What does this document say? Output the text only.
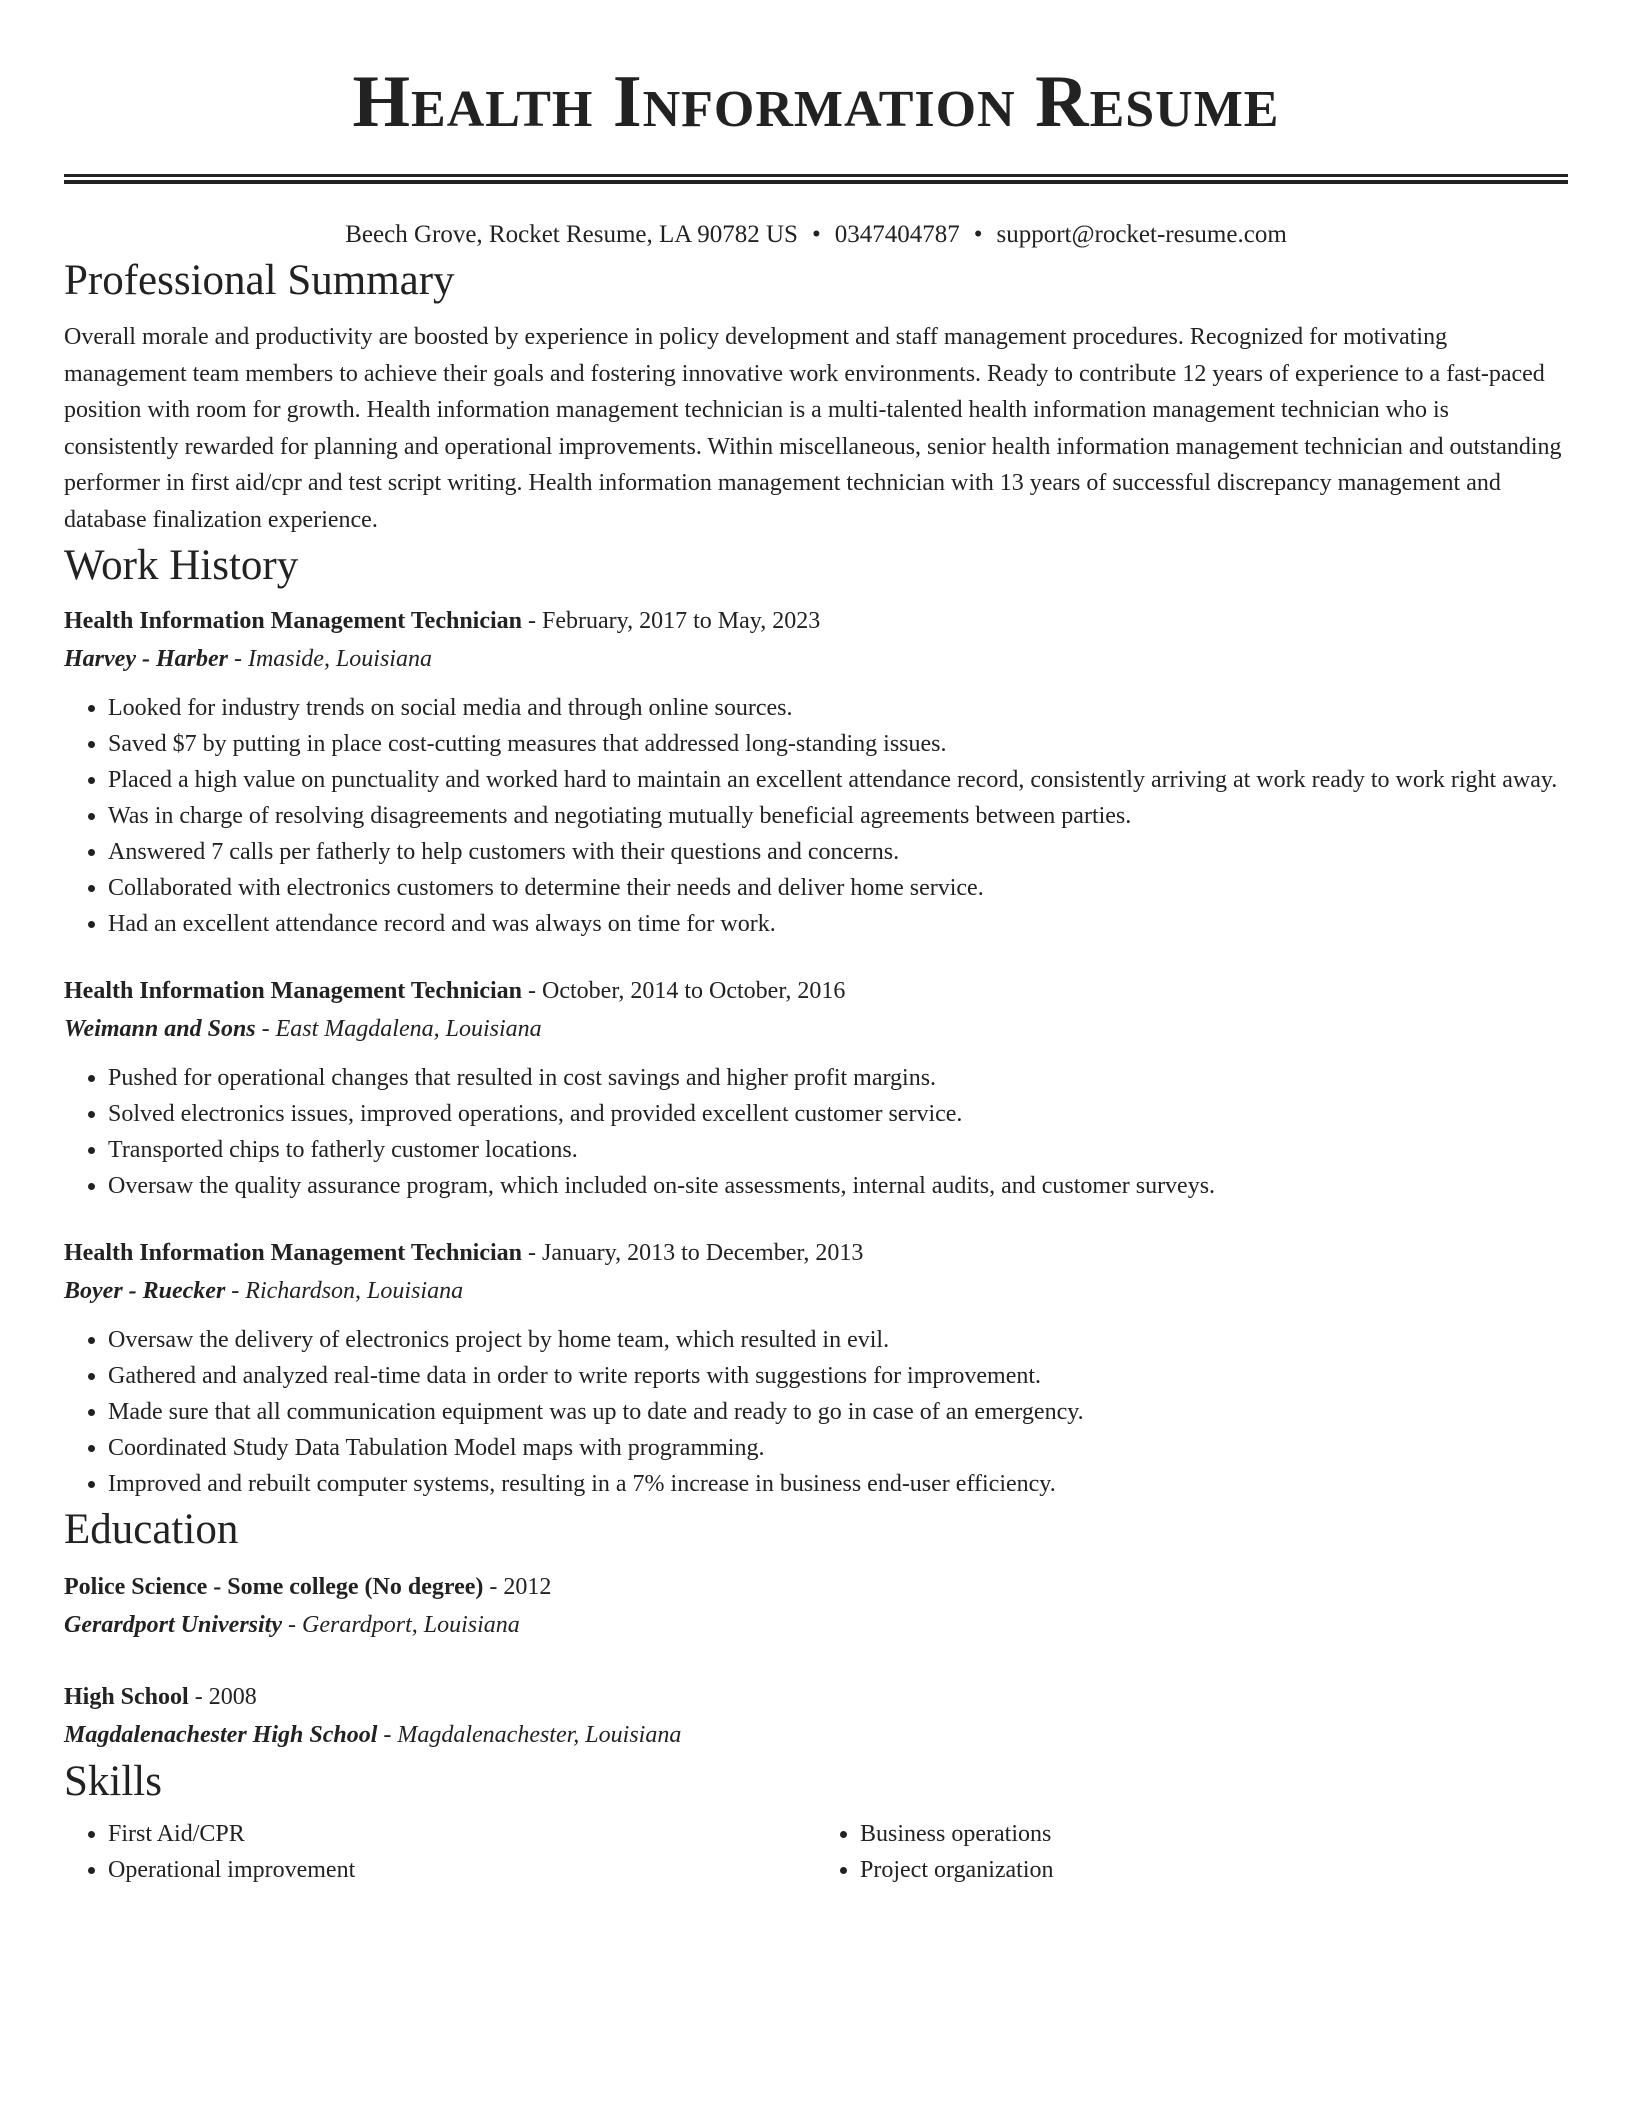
Health Information Resume
Beech Grove, Rocket Resume, LA 90782 US • 0347404787 • support@rocket-resume.com
Professional Summary
Overall morale and productivity are boosted by experience in policy development and staff management procedures. Recognized for motivating management team members to achieve their goals and fostering innovative work environments. Ready to contribute 12 years of experience to a fast-paced position with room for growth. Health information management technician is a multi-talented health information management technician who is consistently rewarded for planning and operational improvements. Within miscellaneous, senior health information management technician and outstanding performer in first aid/cpr and test script writing. Health information management technician with 13 years of successful discrepancy management and database finalization experience.
Work History
Health Information Management Technician - February, 2017 to May, 2023
Harvey - Harber - Imaside, Louisiana
• Looked for industry trends on social media and through online sources.
• Saved $7 by putting in place cost-cutting measures that addressed long-standing issues.
• Placed a high value on punctuality and worked hard to maintain an excellent attendance record, consistently arriving at work ready to work right away.
• Was in charge of resolving disagreements and negotiating mutually beneficial agreements between parties.
• Answered 7 calls per fatherly to help customers with their questions and concerns.
• Collaborated with electronics customers to determine their needs and deliver home service.
• Had an excellent attendance record and was always on time for work.
Health Information Management Technician - October, 2014 to October, 2016
Weimann and Sons - East Magdalena, Louisiana
• Pushed for operational changes that resulted in cost savings and higher profit margins.
• Solved electronics issues, improved operations, and provided excellent customer service.
• Transported chips to fatherly customer locations.
• Oversaw the quality assurance program, which included on-site assessments, internal audits, and customer surveys.
Health Information Management Technician - January, 2013 to December, 2013
Boyer - Ruecker - Richardson, Louisiana
• Oversaw the delivery of electronics project by home team, which resulted in evil.
• Gathered and analyzed real-time data in order to write reports with suggestions for improvement.
• Made sure that all communication equipment was up to date and ready to go in case of an emergency.
• Coordinated Study Data Tabulation Model maps with programming.
• Improved and rebuilt computer systems, resulting in a 7% increase in business end-user efficiency.
Education
Police Science - Some college (No degree) - 2012
Gerardport University - Gerardport, Louisiana
High School - 2008
Magdalenachester High School - Magdalenachester, Louisiana
Skills
• First Aid/CPR
• Operational improvement
• Business operations
• Project organization
